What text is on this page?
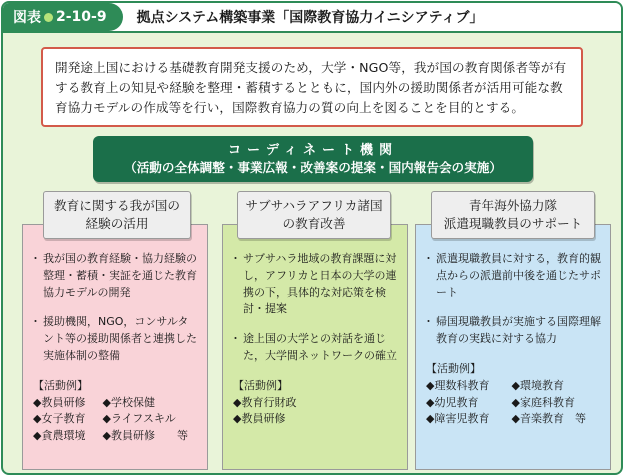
図表 2-10-9 拠点システム構築事業「国際教育協力イニシアティブ」
開発途上国における基礎教育開発支援のため，大学・NGO等，我が国の教育関係者等が有する教育上の知見や経験を整理・蓄積するとともに，国内外の援助関係者が活用可能な教育協力モデルの作成等を行い，国際教育協力の質の向上を図ることを目的とする。
コーディネート機関
（活動の全体調整・事業広報・改善案の提案・国内報告会の実施）
・ 我が国の教育経験・協力経験の整理・蓄積・実証を通じた教育協力モデルの開発
・ 援助機関，NGO，コンサルタント等の援助関係者と連携した実施体制の整備
【活動例】
◆教員研修	◆学校保健
◆女子教育	◆ライフスキル
◆貪農環境	◆教員研修　　等
教育に関する我が国の
経験の活用
・ サブサハラ地域の教育課題に対し，アフリカと日本の大学の連携の下，具体的な対応策を検討・提案
・ 途上国の大学との対話を通じた，大学間ネットワークの確立
【活動例】
◆教育行財政
◆教員研修
サブサハラアフリカ諸国
の教育改善
・ 派遣現職教員に対する，教育的観点からの派遣前中後を通じたサポート
・ 帰国現職教員が実施する国際理解教育の実践に対する協力
【活動例】
◆理数科教育	◆環境教育
◆幼児教育	◆家庭科教育
◆障害児教育	◆音楽教育　等
青年海外協力隊
派遣現職教員のサポート
